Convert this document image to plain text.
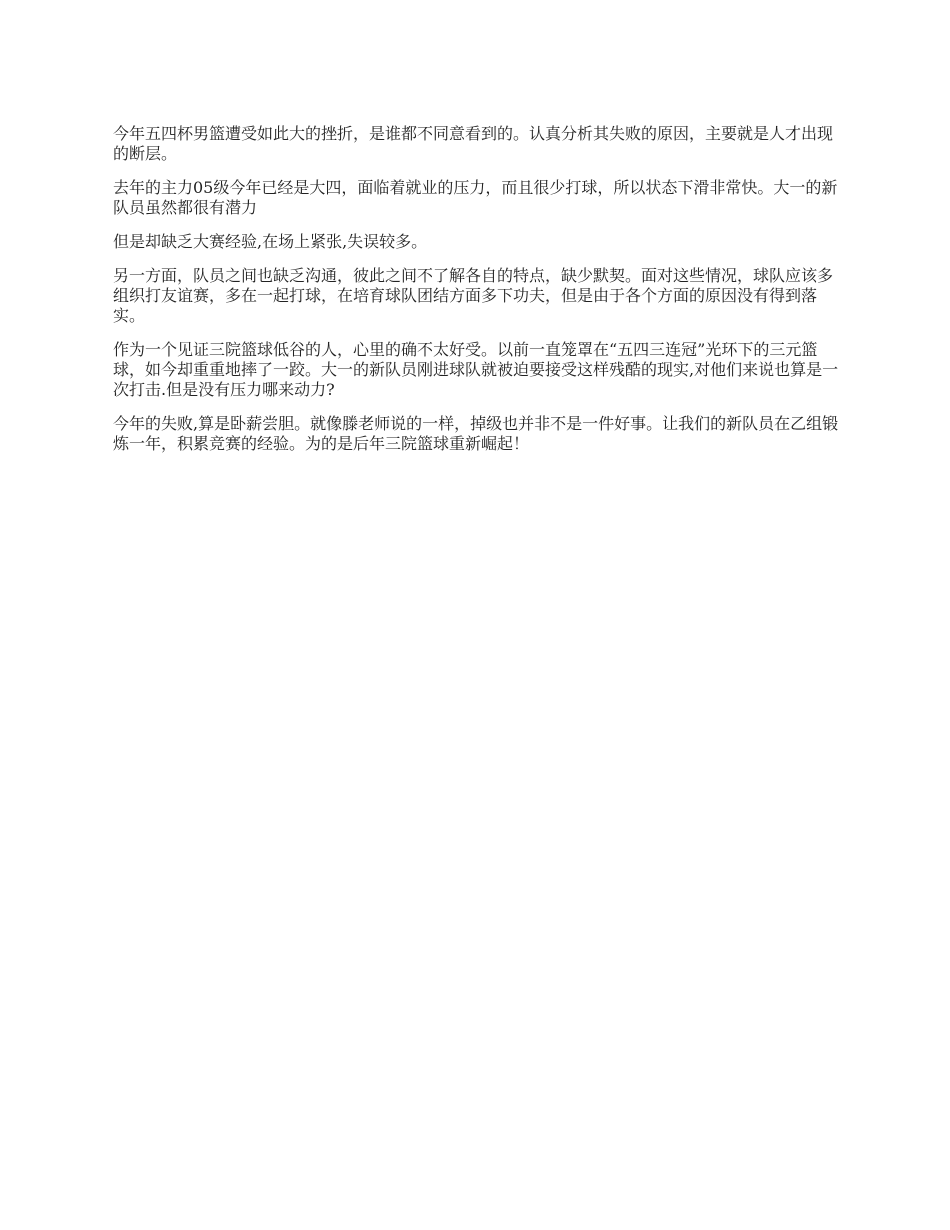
今年五四杯男篮遭受如此大的挫折，是谁都不同意看到的。认真分析其失败的原因，主要就是人才出现的断层。

去年的主力05级今年已经是大四，面临着就业的压力，而且很少打球，所以状态下滑非常快。大一的新队员虽然都很有潜力

但是却缺乏大赛经验,在场上紧张,失误较多。

另一方面，队员之间也缺乏沟通，彼此之间不了解各自的特点，缺少默契。面对这些情况，球队应该多组织打友谊赛，多在一起打球，在培育球队团结方面多下功夫，但是由于各个方面的原因没有得到落实。

作为一个见证三院篮球低谷的人，心里的确不太好受。以前一直笼罩在“五四三连冠”光环下的三元篮球，如今却重重地摔了一跤。大一的新队员刚进球队就被迫要接受这样残酷的现实,对他们来说也算是一次打击.但是没有压力哪来动力?

今年的失败,算是卧薪尝胆。就像滕老师说的一样，掉级也并非不是一件好事。让我们的新队员在乙组锻炼一年，积累竞赛的经验。为的是后年三院篮球重新崛起！
